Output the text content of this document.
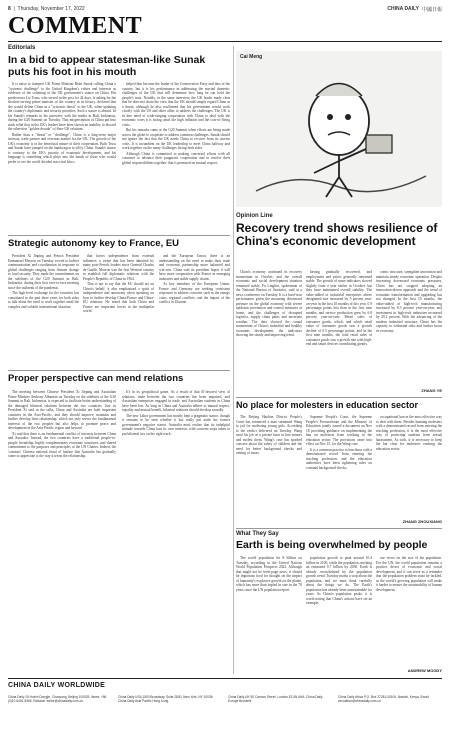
8  |  Thursday, November 17, 2022	CHINA DAILY 中國日報
COMMENT
Editorials
In a bid to appear statesman-like Sunak puts his foot in his mouth

It is naive to interpret UK Prime Minister Rishi Sunak calling China a "systemic challenge" to the United Kingdom's values and interests as evidence of the softening of the UK government's stance on China. His predecessor Liz Truss, who served in the post for 44 days, is asking for the shortest-serving prime minister of the country in its history, declared that she would define China as a "systemic threat" to the UK, when updating the country's diplomatic and security priorities. Such a stance is absurd. In his Sunak's remarks in his interview with the media in Bali, Indonesia, during the G20 Summit on Tuesday. That misperception of China put into stark relief that in the UK's leaders have been shown an inability to discard the otherwise "golden decade" of Sino-UK relations.

Rather than a "threat" or "challenge", China is a long-term major investor, trade partner and overseas market for the UK. The growth of the UK's economy is in the beneficial nature of their cooperation. Both Truss and Sunak have jumped on the bandwagon to vilify China. Sunak's stance is contrary to the UK's priority of economic development, and his language is something which plays into the hands of those who would prefer to see the world divided into rival blocs.

helped him become the leader of the Conservative Party and thus of the country, but it is his performance in addressing the myriad domestic challenges of the UK that will determine how long he can hold the people's trust. Notably, in the same interview, the UK leader made clear that he does not share the view that the UK should simply regard China as a threat, although he also reaffirmed that his government would work closely with the US and other allies to address the challenges. The UK is in dire need of wide-ranging cooperation with China to deal with the economic woes it is facing amid the high inflation and the cost-of-living crisis.

But his remarks came at the G20 Summit when efforts are being made across the globe to cooperate to address common challenges. Sunak should not ignore the fact that the UK needs China to recover from its current crisis. It is incumbent on the UK leadership to meet China halfway and work together on the many challenges facing both sides.

Although China is committed to making concerted efforts with all countries to advance their pragmatic cooperation and to resolve their global responsibilities together, that is premised on mutual respect.

Strategic autonomy key to France, EU

President Xi Jinping and French President Emmanuel Macron on Tuesday vowed to bolster communication and coordination in response to global challenges ranging from climate change to food security. They made the commitments on the sidelines of the G20 Summit in Bali, Indonesia, during their first face-to-face meeting since the outbreak of the pandemic.

The high-level exchange for the countries has constituted in the past three years for both sides to talk about the need to work together amid the complex and volatile international situation.

that favors independence from external influence, a virtue that has been inherited by many post-French leaders since General Charles de Gaulle. Macron was the first Western country to establish full diplomatic relations with the People's Republic of China in 1964.

That is not to say that the EU should act on China's behalf, it also emphasized a spirit of independence and autonomy when speaking on how to further develop China-France and China-EU relations. He noted that both China and France are important forces in the multipolar world.

and the European Union, there is an understanding on the need to make their trade and economic partnership more balanced and win-win. China said its president hopes it will have more cooperation with France in emerging industries and stable supply chains.

As key members of the European Union, France and Germany are seeking consistent responses to address concerns such as the energy crisis, regional conflicts, and the impact of the conflict in Ukraine.

Proper perspective can mend relations

The meeting between Chinese President Xi Jinping and Australian Prime Minister Anthony Albanese on Tuesday on the sidelines of the G20 Summit in Bali, Indonesia, is expected to facilitate better understanding of the damaged bilateral relations between the two countries. Just as President Xi said in the talks, China and Australia are both important countries in the Asia-Pacific, and they should improve, maintain and further develop their relationship, which not only serves the fundamental interests of the two peoples but also helps to promote peace and development in the Asia-Pacific region and beyond.

Xi said that there is no fundamental conflict of interests between China and Australia. Instead, the two countries have a traditional people-to-people friendship, highly complementary economic structures, and shared commitment to the purposes and principles of the UN Charter. Indeed, the 'cautious' Chinese national ritual of fanfare that Australia has gradually come to appreciate is the way it treats the relationship.

It's in its geopolitical game. As a result of that ill-favored view of relations, trade between the two countries has been impaired, and Australian enterprises engaged in trade, and Australian students in China have been lost. As long as China and Australia adhere to mutual respect, equality and mutual benefit, bilateral relations should develop soundly.

The new Labor government has mostly kept a pragmatic stance, though it remains to be seen whether it has really put aside the former government's negative stance. Australia must realize that its unhelpful attitude towards China hurt its own interests, with concrete steps taken to put bilateral ties on the right track.

Cai Meng
Opinion Line
Recovery trend shows resilience of China's economic development

China's economy continued its recovery momentum in October, and the overall economic and social development situation remained stable. Fu Linghui, spokesman of the National Bureau of Statistics, said at a news conference on Tuesday. It is a hard-won performance given the mounting downward pressure on the global economy with severe epidemic prevention and control measures at home, and the challenges of disrupted logistics, supply chain pains and uncertain weather. The data showed the sound momentum of China's industrial and healthy economic development, the indicators showing the steady and improving trend.

having gradually recovered, and employment and prices generally remained stable. The growth of some indicators slowed slightly from a year earlier in October, but they have maintained overall stability. The value-added of industrial enterprises above designated size increased by 5 percent year-on-year in the first 10 months of this year, 0.9 percentage points less than in the first nine months, and service production grew by 6.8 percent year-on-year. Retail sales of consumer goods, which, and which retail value of consumer goods saw a growth decline of 0.5 percentage points, and in the first nine months, the total retail sales of consumer goods saw a growth rate with high-end and smart devices contributing greatly.

comic structure, strengthen innovation and maintain steady economic operation. Despite increasing downward economic pressures, China has not stopped adopting an innovation-driven approach and the trend of economic transformation and upgrading has not changed. In the first 10 months, the value-added of high-tech manufacturing increased by 8.5 percent year-on-year, and investment in high-tech industries increased by 20.2 percent. With the advancing of the modern industrial structure, China has the capacity to withstand risks and further boost its economy.

ZHANG YE
No place for molesters in education sector

The Beijing Haidian District People's Court has sentenced a man surnamed Wang to jail for molesting young girls. According to the verdict delivered on Tuesday, Wang used his job as a private tutor to lure minors and molest them. Wang's case has sparked concern about the safety of children and the need for better background checks and vetting of tutors.

Supreme People's Court, the Supreme People's Procuratorate and the Ministry of Education jointly issued a document on Nov 18 providing guidance on implementing the ban on molesters from working in the education sector. The provisions came into effect on Nov 15, for the Wang case.

It is a common practice to ban those with a demonstrated record from entering the teaching profession, and the education authorities have been tightening rules on criminal background checks.

occupational ban in the most effective way to deal with them. Besides banning molesters with a demonstrated record from entering the teaching profession, it is the most effective way of protecting students from sexual harassment. As such, it is necessary to keep the bar clear for molesters entering the education sector.

ZHANG ZHOUXIANG
What They Say
Earth is being overwhelmed by people

The world population hit 8 billion on Tuesday, according to the United Nations World Population Prospects 2022. Although that might not be front-page news, it should be important food for thought on the impact of humanity's explosive growth on the planet, which has more than tripled in size in the 70 years since the UN population report.

population growth to peak around 10.4 billion in 2100, while the population reaching an estimated 9.7 billion by 2050. Earth is already overwhelmed by the population growth trend. Tuesday marks a stop about the population, and we must think carefully about the things we do. The Earth's population has already been unsustainable for years. As China's population peaks, it is worth noting that China's actions have set an example.

our views on the size of the population. For the UN, the world population remains a positive driver of economic and social development, and it can serve as a reminder that the population problem must be tackled, as the world's growing population will make it harder to ensure the sustainability of human development.

ANDREW MOODY
CHINA DAILY WORLDWIDE
China Daily 15 Huixin Dongjie, Chaoyang, Beijing 100029. News: +86 (0)10 6491-8366. Editorial: editor@chinadaily.com.cn
China Daily USA 1500 Broadway, Suite 2800, New York, NY 10036. China Daily Asia Pacific Hong Kong
China Daily UK 90 Cannon Street, London EC4N 6HA. China Daily Europe Brussels
China Daily Africa P.O. Box 27281-00100, Nairobi, Kenya. Email: circulation@chinadaily.com.cn
